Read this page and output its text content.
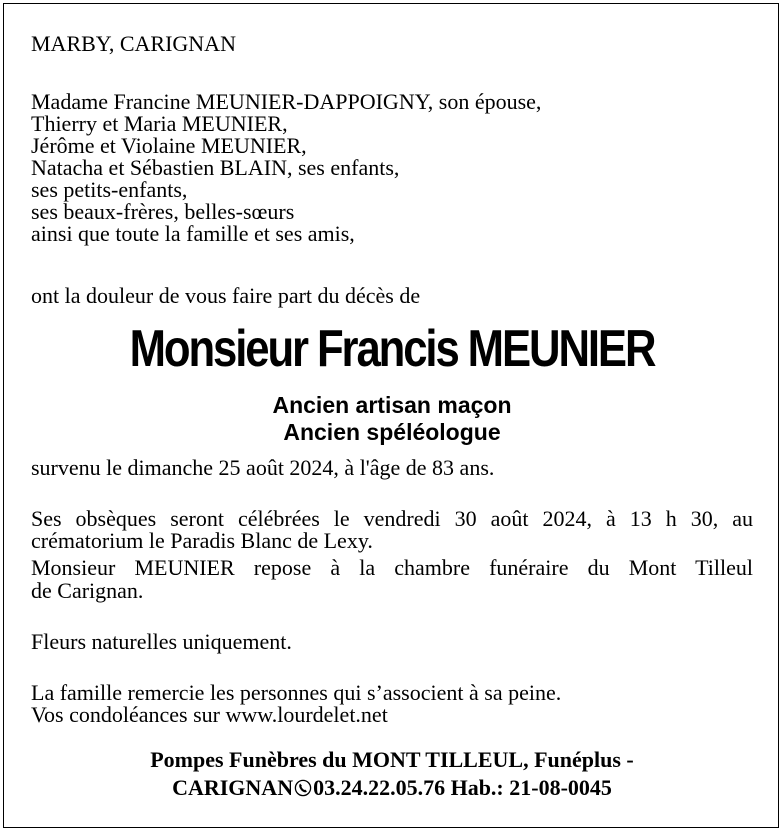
MARBY, CARIGNAN
Madame Francine MEUNIER-DAPPOIGNY, son épouse,
Thierry et Maria MEUNIER,
Jérôme et Violaine MEUNIER,
Natacha et Sébastien BLAIN, ses enfants,
ses petits-enfants,
ses beaux-frères, belles-sœurs
ainsi que toute la famille et ses amis,
ont la douleur de vous faire part du décès de
Monsieur Francis MEUNIER
Ancien artisan maçon
Ancien spéléologue
survenu le dimanche 25 août 2024, à l'âge de 83 ans.
Ses obsèques seront célébrées le vendredi 30 août 2024, à 13 h 30, au
crématorium le Paradis Blanc de Lexy.
Monsieur MEUNIER repose à la chambre funéraire du Mont Tilleul
de Carignan.
Fleurs naturelles uniquement.
La famille remercie les personnes qui s’associent à sa peine.
Vos condoléances sur www.lourdelet.net
Pompes Funèbres du MONT TILLEUL, Funéplus -
CARIGNAN 03.24.22.05.76 Hab.: 21-08-0045
